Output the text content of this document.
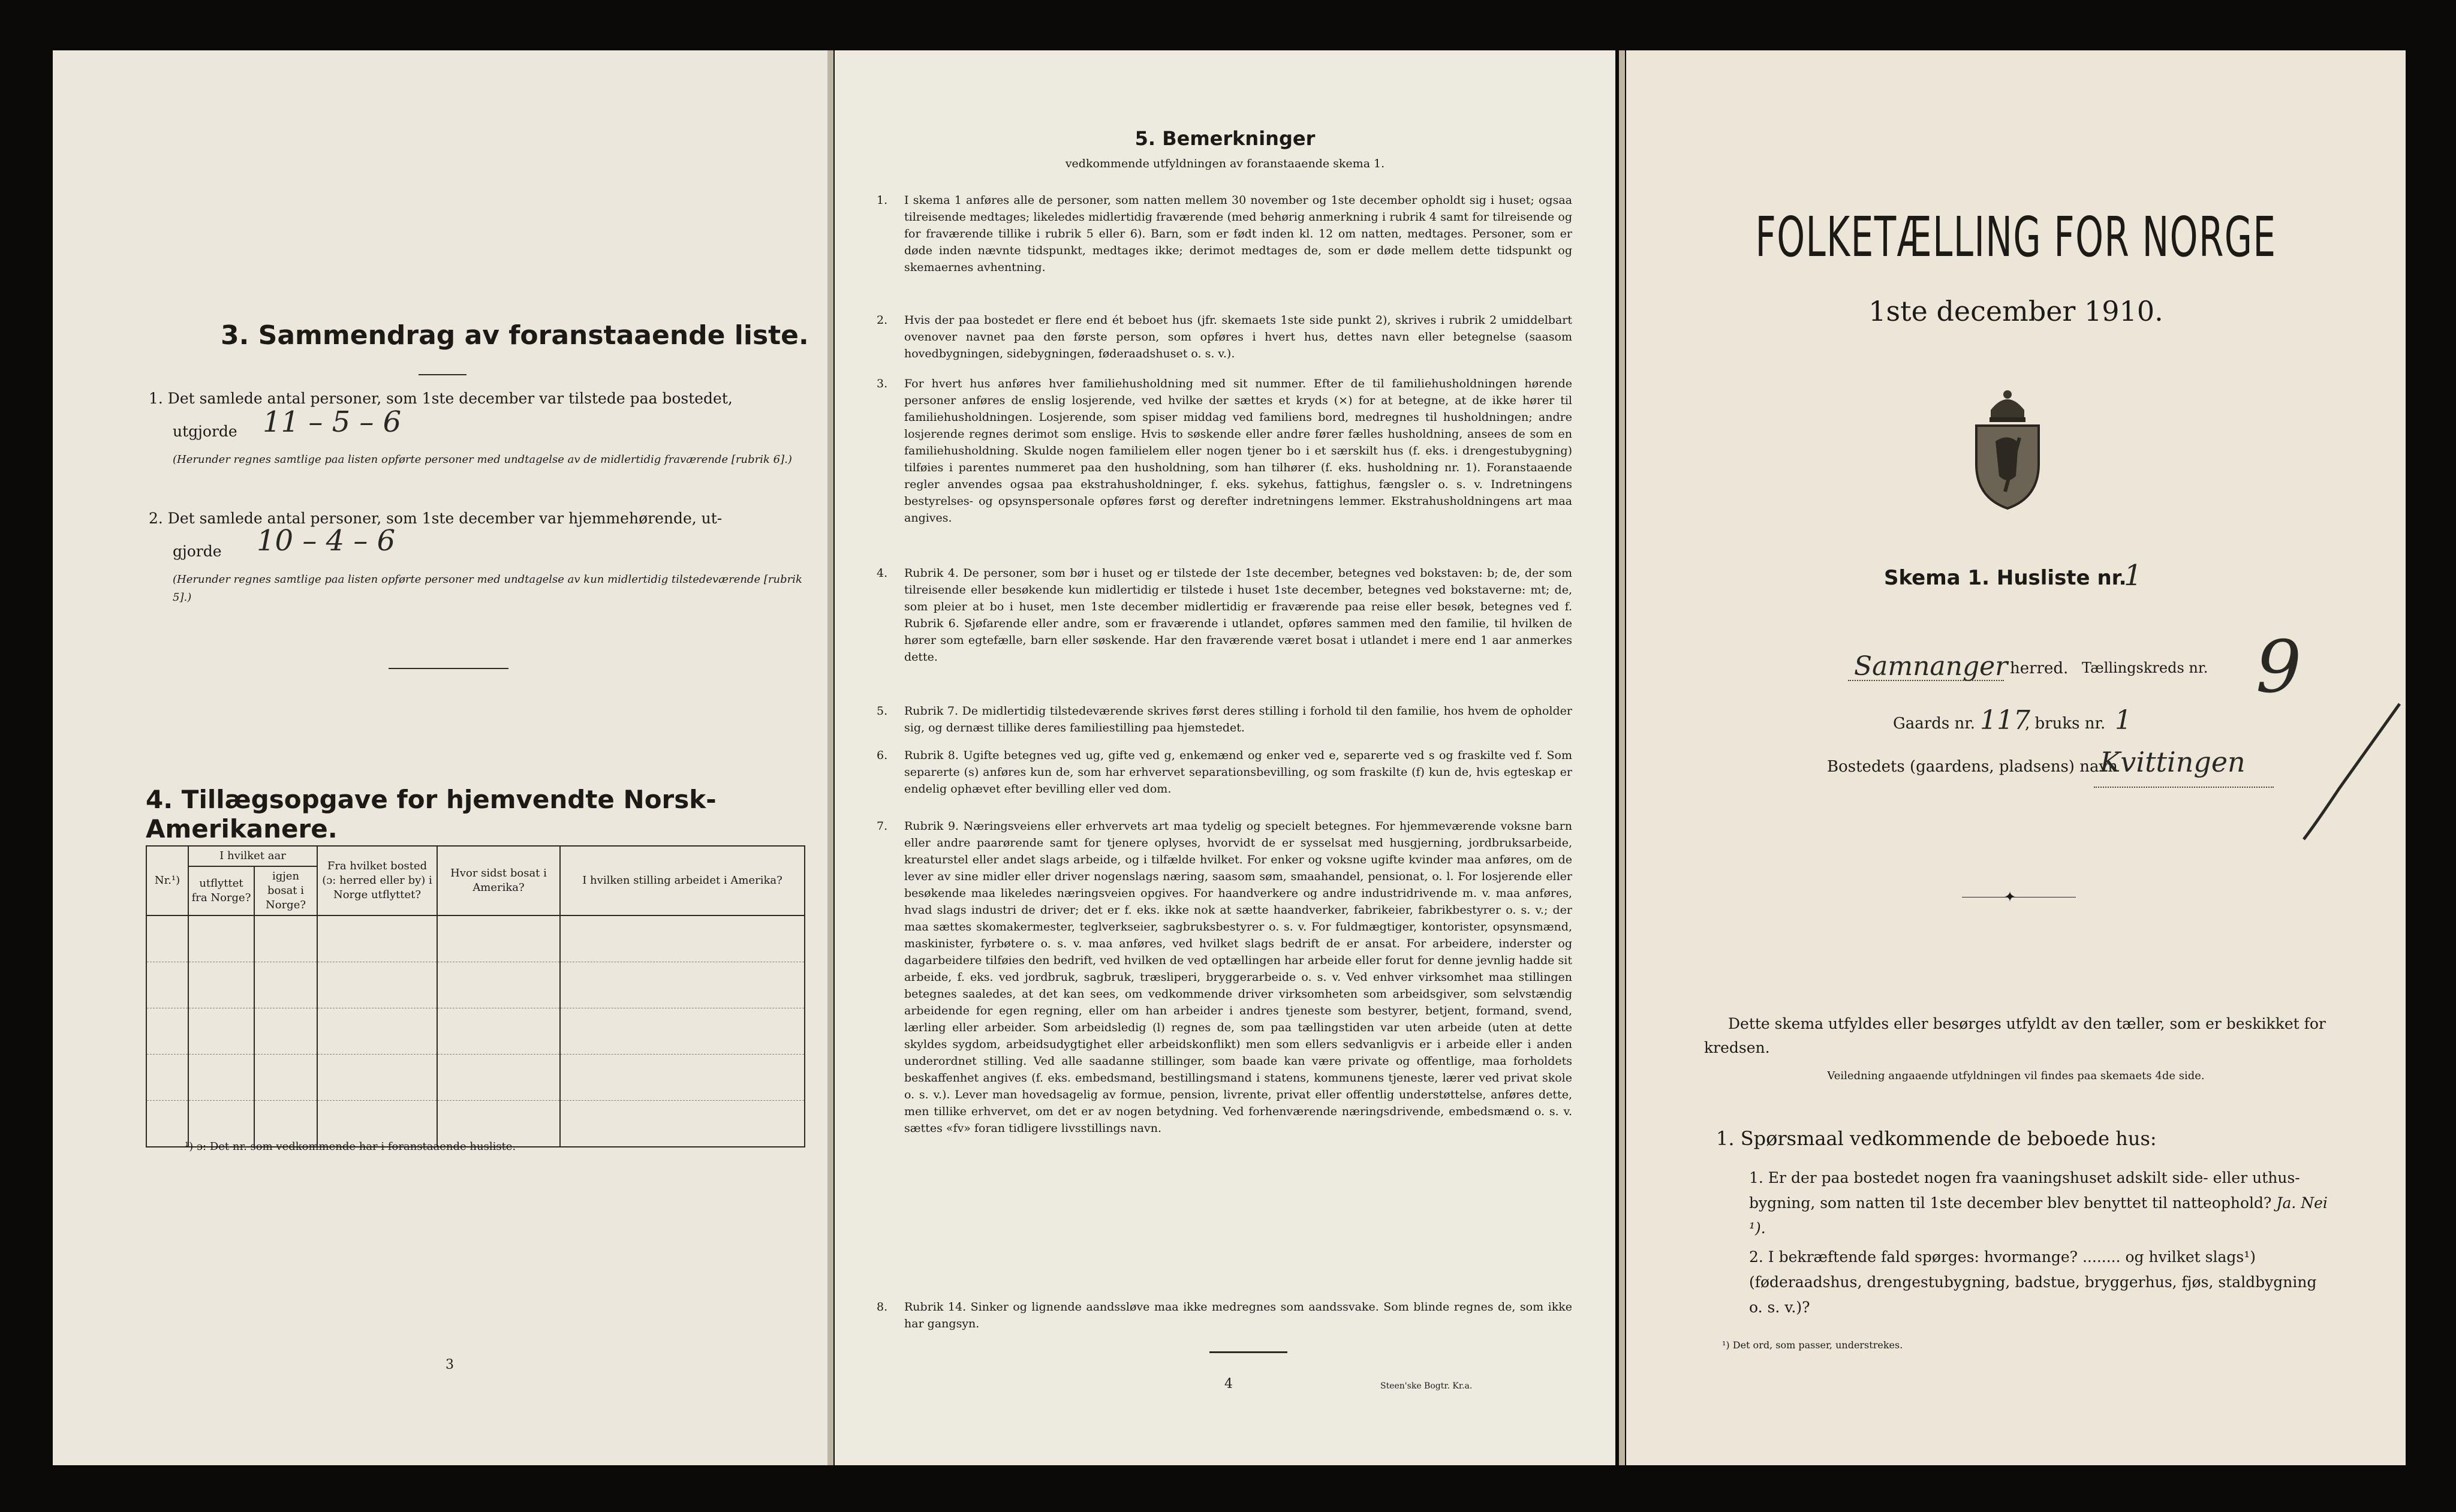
3. Sammendrag av foranstaaende liste.
1. Det samlede antal personer, som 1ste december var tilstede paa bostedet,
utgjorde 11 – 5 – 6
(Herunder regnes samtlige paa listen opførte personer med undtagelse av de midlertidig fraværende [rubrik 6].)
2. Det samlede antal personer, som 1ste december var hjemmehørende, ut-
gjorde 10 – 4 – 6
(Herunder regnes samtlige paa listen opførte personer med undtagelse av kun midlertidig tilstedeværende [rubrik 5].)
4. Tillægsopgave for hjemvendte Norsk-Amerikanere.
Nr.¹)	I hvilket aar		Fra hvilket bosted (ɔ: herred eller by) i Norge utflyttet?	Hvor sidst bosat i Amerika?	I hvilken stilling arbeidet i Amerika?
	utflyttet fra Norge?	igjen bosat i Norge?			

¹) ɔ: Det nr. som vedkommende har i foranstaaende husliste.
3
5. Bemerkninger
vedkommende utfyldningen av foranstaaende skema 1.
1.	I skema 1 anføres alle de personer, som natten mellem 30 november og 1ste december opholdt sig i huset; ogsaa tilreisende medtages; likeledes midlertidig fraværende (med behørig anmerkning i rubrik 4 samt for tilreisende og for fraværende tillike i rubrik 5 eller 6). Barn, som er født inden kl. 12 om natten, medtages. Personer, som er døde inden nævnte tidspunkt, medtages ikke; derimot medtages de, som er døde mellem dette tidspunkt og skemaernes avhentning.
2.	Hvis der paa bostedet er flere end ét beboet hus (jfr. skemaets 1ste side punkt 2), skrives i rubrik 2 umiddelbart ovenover navnet paa den første person, som opføres i hvert hus, dettes navn eller betegnelse (saasom hovedbygningen, sidebygningen, føderaadshuset o. s. v.).
3.	For hvert hus anføres hver familiehusholdning med sit nummer. Efter de til familiehusholdningen hørende personer anføres de enslig losjerende, ved hvilke der sættes et kryds (×) for at betegne, at de ikke hører til familiehusholdningen. Losjerende, som spiser middag ved familiens bord, medregnes til husholdningen; andre losjerende regnes derimot som enslige. Hvis to søskende eller andre fører fælles husholdning, ansees de som en familiehusholdning. Skulde nogen familielem eller nogen tjener bo i et særskilt hus (f. eks. i drengestubygning) tilføies i parentes nummeret paa den husholdning, som han tilhører (f. eks. husholdning nr. 1). Foranstaaende regler anvendes ogsaa paa ekstrahusholdninger, f. eks. sykehus, fattighus, fængsler o. s. v. Indretningens bestyrelses- og opsynspersonale opføres først og derefter indretningens lemmer. Ekstrahusholdningens art maa angives.
4.	Rubrik 4. De personer, som bør i huset og er tilstede der 1ste december, betegnes ved bokstaven: b; de, der som tilreisende eller besøkende kun midlertidig er tilstede i huset 1ste december, betegnes ved bokstaverne: mt; de, som pleier at bo i huset, men 1ste december midlertidig er fraværende paa reise eller besøk, betegnes ved f. Rubrik 6. Sjøfarende eller andre, som er fraværende i utlandet, opføres sammen med den familie, til hvilken de hører som egtefælle, barn eller søskende. Har den fraværende været bosat i utlandet i mere end 1 aar anmerkes dette.
5.	Rubrik 7. De midlertidig tilstedeværende skrives først deres stilling i forhold til den familie, hos hvem de opholder sig, og dernæst tillike deres familiestilling paa hjemstedet.
6.	Rubrik 8. Ugifte betegnes ved ug, gifte ved g, enkemænd og enker ved e, separerte ved s og fraskilte ved f. Som separerte (s) anføres kun de, som har erhvervet separationsbevilling, og som fraskilte (f) kun de, hvis egteskap er endelig ophævet efter bevilling eller ved dom.
7.	Rubrik 9. Næringsveiens eller erhvervets art maa tydelig og specielt betegnes. For hjemmeværende voksne barn eller andre paarørende samt for tjenere oplyses, hvorvidt de er sysselsat med husgjerning, jordbruksarbeide, kreaturstel eller andet slags arbeide, og i tilfælde hvilket. For enker og voksne ugifte kvinder maa anføres, om de lever av sine midler eller driver nogenslags næring, saasom søm, smaahandel, pensionat, o. l. For losjerende eller besøkende maa likeledes næringsveien opgives. For haandverkere og andre industridrivende m. v. maa anføres, hvad slags industri de driver; det er f. eks. ikke nok at sætte haandverker, fabrikeier, fabrikbestyrer o. s. v.; der maa sættes skomakermester, teglverkseier, sagbruksbestyrer o. s. v. For fuldmægtiger, kontorister, opsynsmænd, maskinister, fyrbøtere o. s. v. maa anføres, ved hvilket slags bedrift de er ansat. For arbeidere, inderster og dagarbeidere tilføies den bedrift, ved hvilken de ved optællingen har arbeide eller forut for denne jevnlig hadde sit arbeide, f. eks. ved jordbruk, sagbruk, træsliperi, bryggerarbeide o. s. v. Ved enhver virksomhet maa stillingen betegnes saaledes, at det kan sees, om vedkommende driver virksomheten som arbeidsgiver, som selvstændig arbeidende for egen regning, eller om han arbeider i andres tjeneste som bestyrer, betjent, formand, svend, lærling eller arbeider. Som arbeidsledig (l) regnes de, som paa tællingstiden var uten arbeide (uten at dette skyldes sygdom, arbeidsudygtighet eller arbeidskonflikt) men som ellers sedvanligvis er i arbeide eller i anden underordnet stilling. Ved alle saadanne stillinger, som baade kan være private og offentlige, maa forholdets beskaffenhet angives (f. eks. embedsmand, bestillingsmand i statens, kommunens tjeneste, lærer ved privat skole o. s. v.). Lever man hovedsagelig av formue, pension, livrente, privat eller offentlig understøttelse, anføres dette, men tillike erhvervet, om det er av nogen betydning. Ved forhenværende næringsdrivende, embedsmænd o. s. v. sættes «fv» foran tidligere livsstillings navn.
8.	Rubrik 14. Sinker og lignende aandssløve maa ikke medregnes som aandssvake. Som blinde regnes de, som ikke har gangsyn.
4	Steen'ske Bogtr. Kr.a.
FOLKETÆLLING FOR NORGE
1ste december 1910.
Skema 1. Husliste nr.
1
Samnanger herred. Tællingskreds nr. 9
Gaards nr. 117
, bruks nr. 1
Bostedets (gaardens, pladsens) navn
Kvittingen
✦
Dette skema utfyldes eller besørges utfyldt av den tæller, som er beskikket for kredsen.
Veiledning angaaende utfyldningen vil findes paa skemaets 4de side.
1. Spørsmaal vedkommende de beboede hus:
1. Er der paa bostedet nogen fra vaaningshuset adskilt side- eller uthus-bygning, som natten til 1ste december blev benyttet til natteophold? Ja. Nei ¹).
2. I bekræftende fald spørges: hvormange? ........ og hvilket slags¹) (føderaadshus, drengestubygning, badstue, bryggerhus, fjøs, staldbygning o. s. v.)?
¹) Det ord, som passer, understrekes.
